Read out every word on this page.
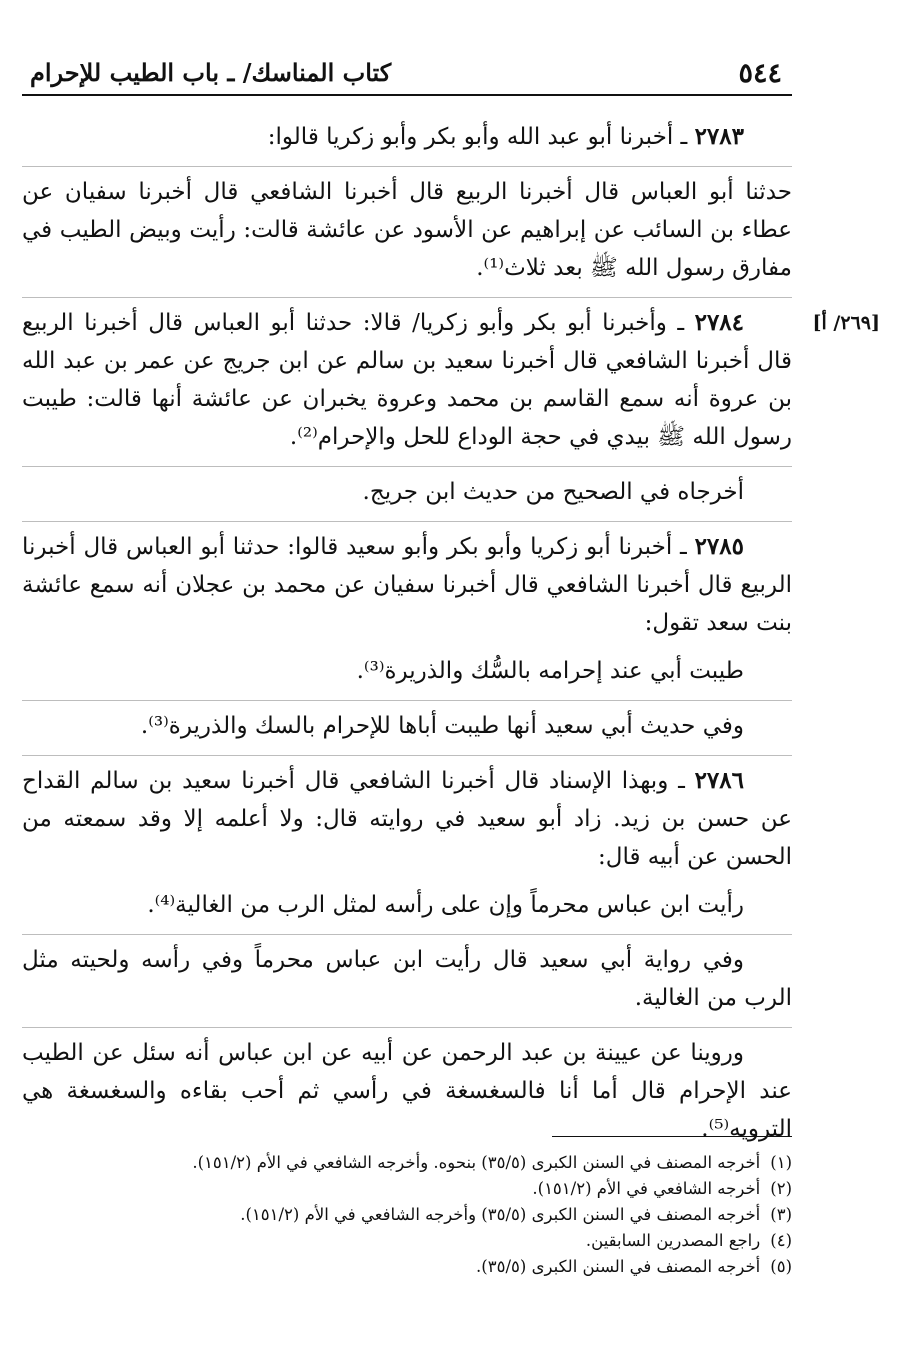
٥٤٤
كتاب المناسك/ ـ باب الطيب للإحرام
[٢٦٩/ أ]

٢٧٨٣ ـ أخبرنا أبو عبد الله وأبو بكر وأبو زكريا قالوا:

حدثنا أبو العباس قال أخبرنا الربيع قال أخبرنا الشافعي قال أخبرنا سفيان عن عطاء بن السائب عن إبراهيم عن الأسود عن عائشة قالت: رأيت وبيض الطيب في مفارق رسول الله ﷺ بعد ثلاث⁽¹⁾.

٢٧٨٤ ـ وأخبرنا أبو بكر وأبو زكريا/ قالا: حدثنا أبو العباس قال أخبرنا الربيع قال أخبرنا الشافعي قال أخبرنا سعيد بن سالم عن ابن جريج عن عمر بن عبد الله بن عروة أنه سمع القاسم بن محمد وعروة يخبران عن عائشة أنها قالت: طيبت رسول الله ﷺ بيدي في حجة الوداع للحل والإحرام⁽²⁾.

أخرجاه في الصحيح من حديث ابن جريج.

٢٧٨٥ ـ أخبرنا أبو زكريا وأبو بكر وأبو سعيد قالوا: حدثنا أبو العباس قال أخبرنا الربيع قال أخبرنا الشافعي قال أخبرنا سفيان عن محمد بن عجلان أنه سمع عائشة بنت سعد تقول:

طيبت أبي عند إحرامه بالسُّك والذريرة⁽³⁾.

وفي حديث أبي سعيد أنها طيبت أباها للإحرام بالسك والذريرة⁽³⁾.

٢٧٨٦ ـ وبهذا الإسناد قال أخبرنا الشافعي قال أخبرنا سعيد بن سالم القداح عن حسن بن زيد. زاد أبو سعيد في روايته قال: ولا أعلمه إلا وقد سمعته من الحسن عن أبيه قال:

رأيت ابن عباس محرماً وإن على رأسه لمثل الرب من الغالية⁽⁴⁾.

وفي رواية أبي سعيد قال رأيت ابن عباس محرماً وفي رأسه ولحيته مثل الرب من الغالية.

وروينا عن عيينة بن عبد الرحمن عن أبيه عن ابن عباس أنه سئل عن الطيب عند الإحرام قال أما أنا فالسغسغة في رأسي ثم أحب بقاءه والسغسغة هي الترويه⁽⁵⁾.

(١)أخرجه المصنف في السنن الكبرى (٣٥/٥) بنحوه. وأخرجه الشافعي في الأم (١٥١/٢).
(٢)أخرجه الشافعي في الأم (١٥١/٢).
(٣)أخرجه المصنف في السنن الكبرى (٣٥/٥) وأخرجه الشافعي في الأم (١٥١/٢).
(٤)راجع المصدرين السابقين.
(٥)أخرجه المصنف في السنن الكبرى (٣٥/٥).
